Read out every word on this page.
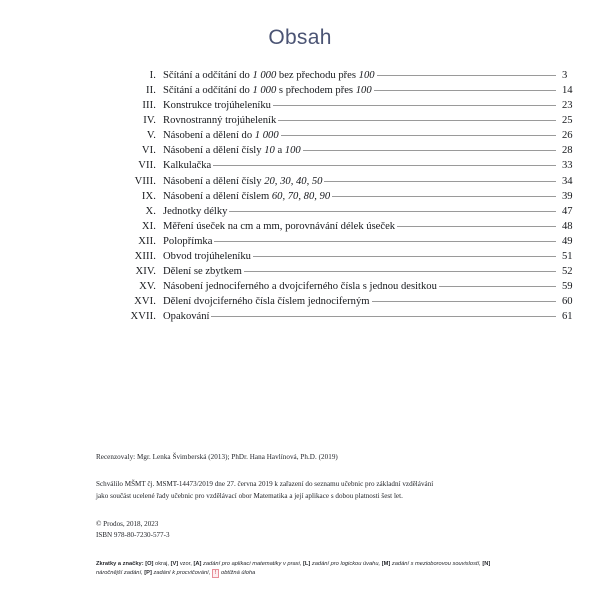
Obsah
I. Sčítání a odčítání do 1 000 bez přechodu přes 100	3
II. Sčítání a odčítání do 1 000 s přechodem přes 100	14
III. Konstrukce trojúheleníku	23
IV. Rovnostranný trojúheleník	25
V. Násobení a dělení do 1 000	26
VI. Násobení a dělení čísly 10 a 100	28
VII. Kalkulačka	33
VIII. Násobení a dělení čísly 20, 30, 40, 50	34
IX. Násobení a dělení číslem 60, 70, 80, 90	39
X. Jednotky délky	47
XI. Měření úseček na cm a mm, porovnávání délek úseček	48
XII. Polopřímka	49
XIII. Obvod trojúheleníku	51
XIV. Dělení se zbytkem	52
XV. Násobení jednociferného a dvojciferného čísla s jednou desitkou	59
XVI. Dělení dvojciferného čísla číslem jednociferným	60
XVII. Opakování	61

Recenzovaly: Mgr. Lenka Švimberská (2013); PhDr. Hana Havlínová, Ph.D. (2019)

Schválilo MŠMT čj. MSMT-14473/2019 dne 27. června 2019 k zařazení do seznamu učebnic pro základní vzdělávání
jako součást ucelené řady učebnic pro vzdělávací obor Matematika a její aplikace s dobou platnosti šest let.

© Prodos, 2018, 2023
ISBN 978-80-7230-577-3

Zkratky a značky: [O] okraj, [V] vzor, [A] zadání pro aplikaci matematiky v praxi, [L] zadání pro logickou úvahu, [M] zadání s mezioborovou souvislostí, [N] náročnější zadání, [P] zadání k procvičování, ! obtížná úloha
